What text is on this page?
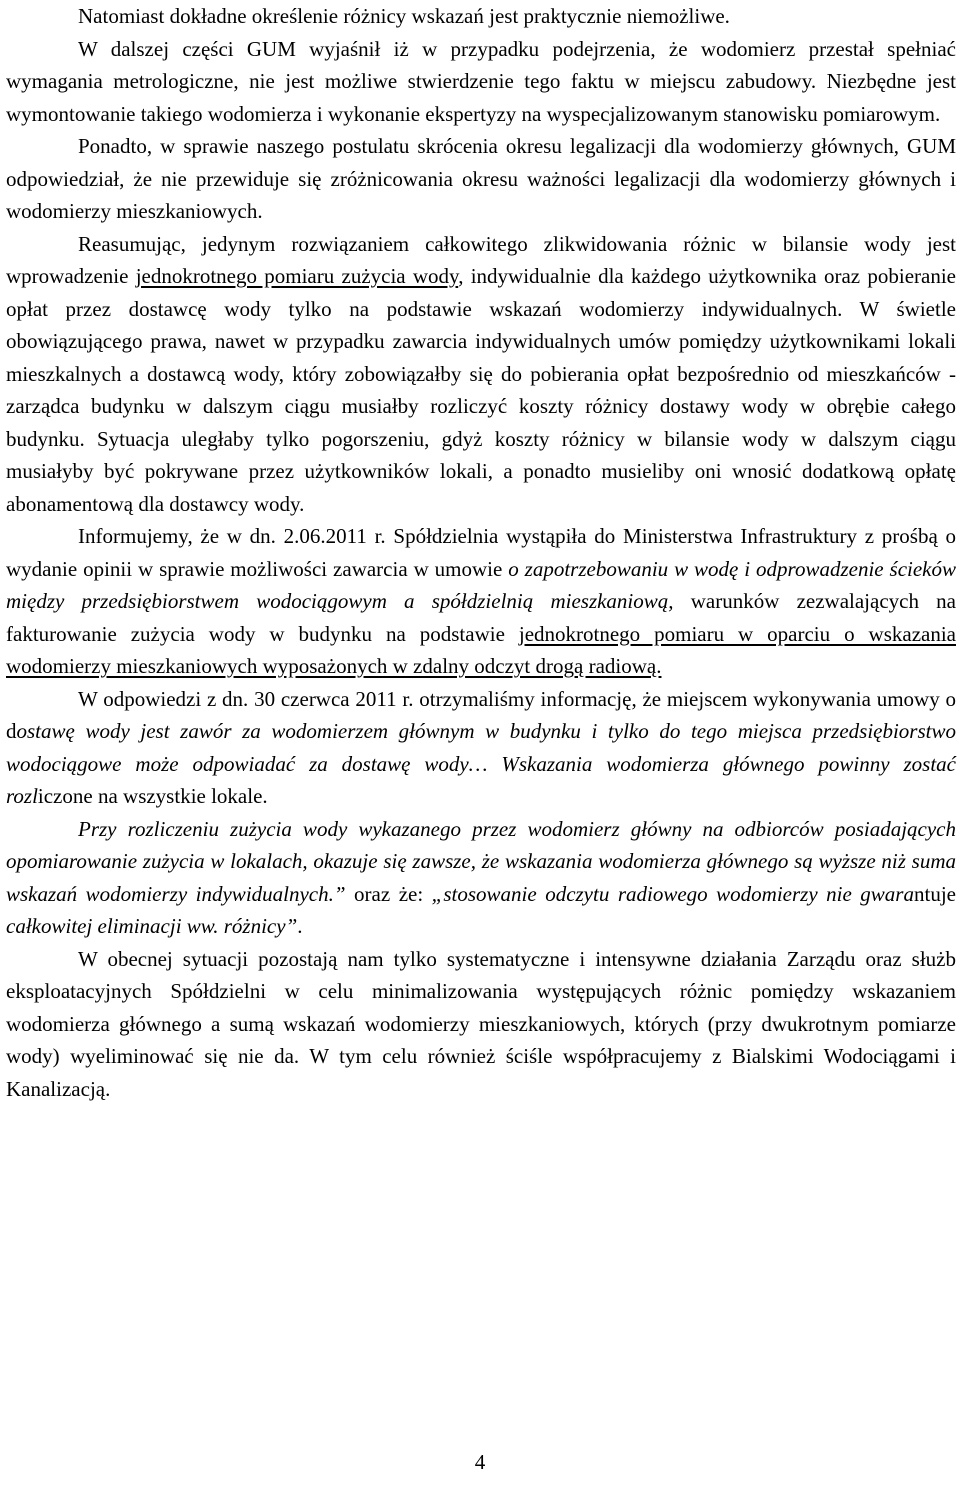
Natomiast dokładne określenie różnicy wskazań jest praktycznie niemożliwe.

W dalszej części GUM wyjaśnił iż w przypadku podejrzenia, że wodomierz przestał spełniać wymagania metrologiczne, nie jest możliwe stwierdzenie tego faktu w miejscu zabudowy. Niezbędne jest wymontowanie takiego wodomierza i wykonanie ekspertyzy na wyspecjalizowanym stanowisku pomiarowym.

Ponadto, w sprawie naszego postulatu skrócenia okresu legalizacji dla wodomierzy głównych, GUM odpowiedział, że nie przewiduje się zróżnicowania okresu ważności legalizacji dla wodomierzy głównych i wodomierzy mieszkaniowych.

Reasumując, jedynym rozwiązaniem całkowitego zlikwidowania różnic w bilansie wody jest wprowadzenie jednokrotnego pomiaru zużycia wody, indywidualnie dla każdego użytkownika oraz pobieranie opłat przez dostawcę wody tylko na podstawie wskazań wodomierzy indywidualnych. W świetle obowiązującego prawa, nawet w przypadku zawarcia indywidualnych umów pomiędzy użytkownikami lokali mieszkalnych a dostawcą wody, który zobowiązałby się do pobierania opłat bezpośrednio od mieszkańców - zarządca budynku w dalszym ciągu musiałby rozliczyć koszty różnicy dostawy wody w obrębie całego budynku. Sytuacja uległaby tylko pogorszeniu, gdyż koszty różnicy w bilansie wody w dalszym ciągu musiałyby być pokrywane przez użytkowników lokali, a ponadto musieliby oni wnosić dodatkową opłatę abonamentową dla dostawcy wody.

Informujemy, że w dn. 2.06.2011 r. Spółdzielnia wystąpiła do Ministerstwa Infrastruktury z prośbą o wydanie opinii w sprawie możliwości zawarcia w umowie o zapotrzebowaniu w wodę i odprowadzenie ścieków między przedsiębiorstwem wodociągowym a spółdzielnią mieszkaniową, warunków zezwalających na fakturowanie zużycia wody w budynku na podstawie jednokrotnego pomiaru w oparciu o wskazania wodomierzy mieszkaniowych wyposażonych w zdalny odczyt drogą radiową.

W odpowiedzi z dn. 30 czerwca 2011 r. otrzymaliśmy informację, że miejscem wykonywania umowy o dostawę wody jest zawór za wodomierzem głównym w budynku i tylko do tego miejsca przedsiębiorstwo wodociągowe może odpowiadać za dostawę wody… Wskazania wodomierza głównego powinny zostać rozliczone na wszystkie lokale.

Przy rozliczeniu zużycia wody wykazanego przez wodomierz główny na odbiorców posiadających opomiarowanie zużycia w lokalach, okazuje się zawsze, że wskazania wodomierza głównego są wyższe niż suma wskazań wodomierzy indywidualnych.” oraz że: „stosowanie odczytu radiowego wodomierzy nie gwarantuje całkowitej eliminacji ww. różnicy”.

W obecnej sytuacji pozostają nam tylko systematyczne i intensywne działania Zarządu oraz służb eksploatacyjnych Spółdzielni w celu minimalizowania występujących różnic pomiędzy wskazaniem wodomierza głównego a sumą wskazań wodomierzy mieszkaniowych, których (przy dwukrotnym pomiarze wody) wyeliminować się nie da. W tym celu również ściśle współpracujemy z Bialskimi Wodociągami i Kanalizacją.

4
